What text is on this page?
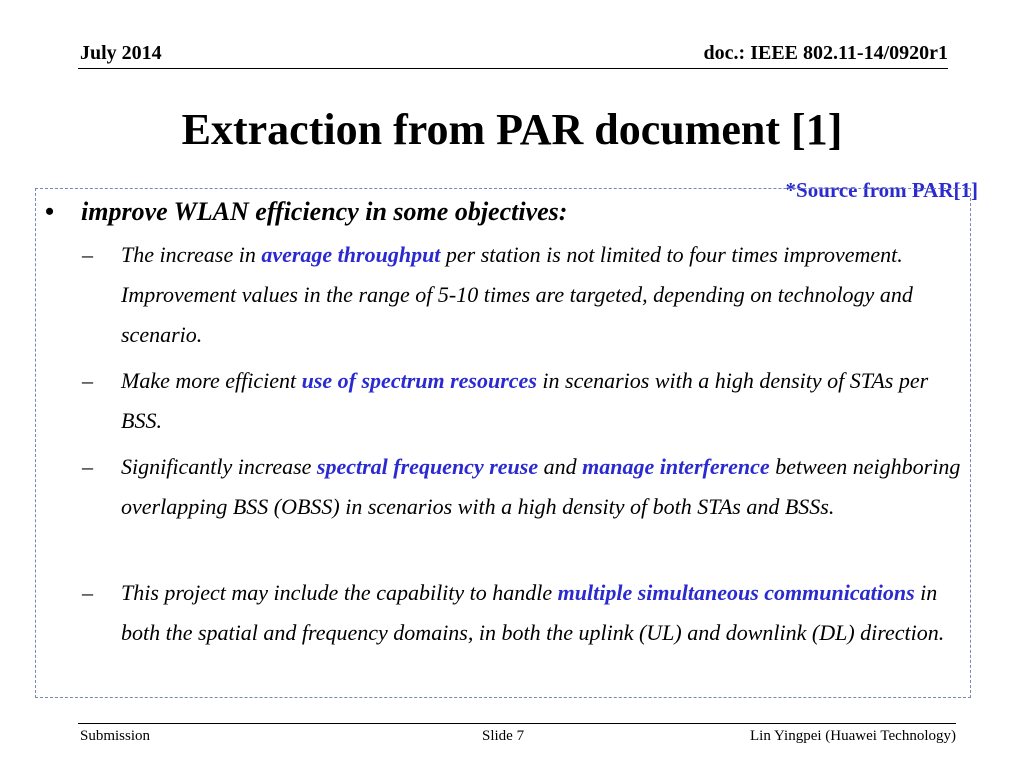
July 2014	doc.: IEEE 802.11-14/0920r1
Extraction from PAR document [1]
*Source from PAR[1]
• improve WLAN efficiency in some objectives:
– The increase in average throughput per station is not limited to four times improvement. Improvement values in the range of 5-10 times are targeted, depending on technology and scenario.
– Make more efficient use of spectrum resources in scenarios with a high density of STAs per BSS.
– Significantly increase spectral frequency reuse and manage interference between neighboring overlapping BSS (OBSS) in scenarios with a high density of both STAs and BSSs.
– This project may include the capability to handle multiple simultaneous communications in both the spatial and frequency domains, in both the uplink (UL) and downlink (DL) direction.
Submission	Slide 7	Lin Yingpei (Huawei Technology)
